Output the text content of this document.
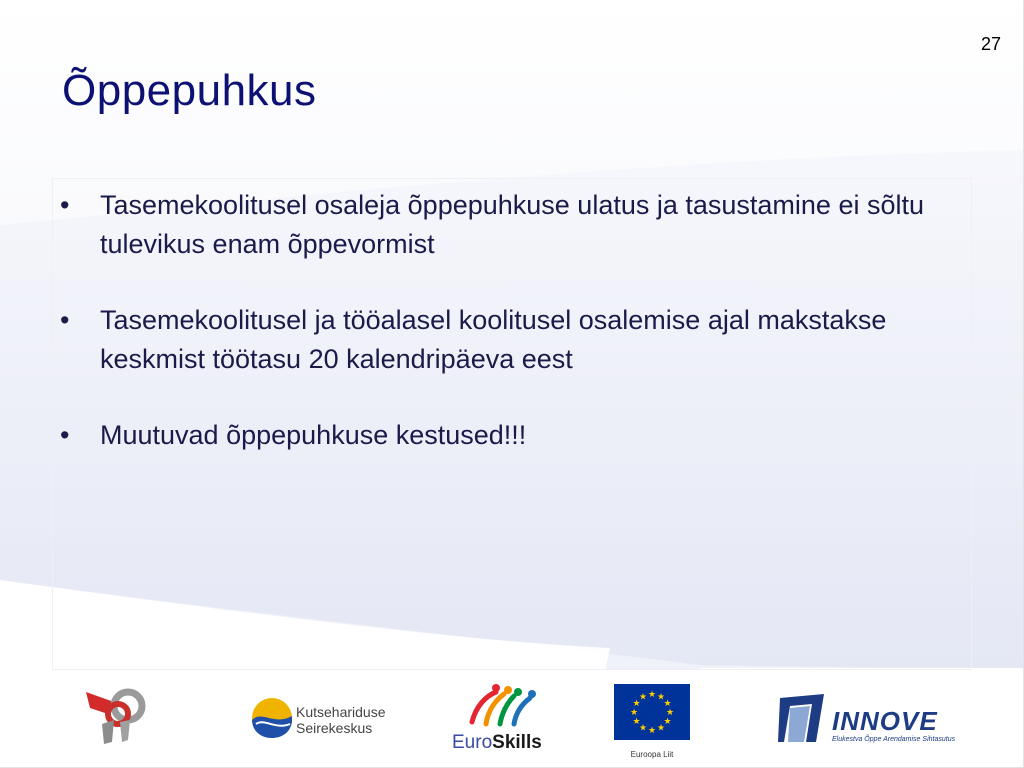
27
Õppepuhkus
• Tasemekoolitusel osaleja õppepuhkuse ulatus ja tasustamine ei sõltu tulevikus enam õppevormist
• Tasemekoolitusel ja tööalasel koolitusel osalemise ajal makstakse keskmist töötasu 20 kalendripäeva eest
• Muutuvad õppepuhkuse kestused!!!
Kutsehariduse
Seirekeskus
EuroSkills
★ ★
★
★
★
★
★
★
★
★
★
★
Euroopa Liit
INNOVE
Elukestva Õppe Arendamise Sihtasutus
